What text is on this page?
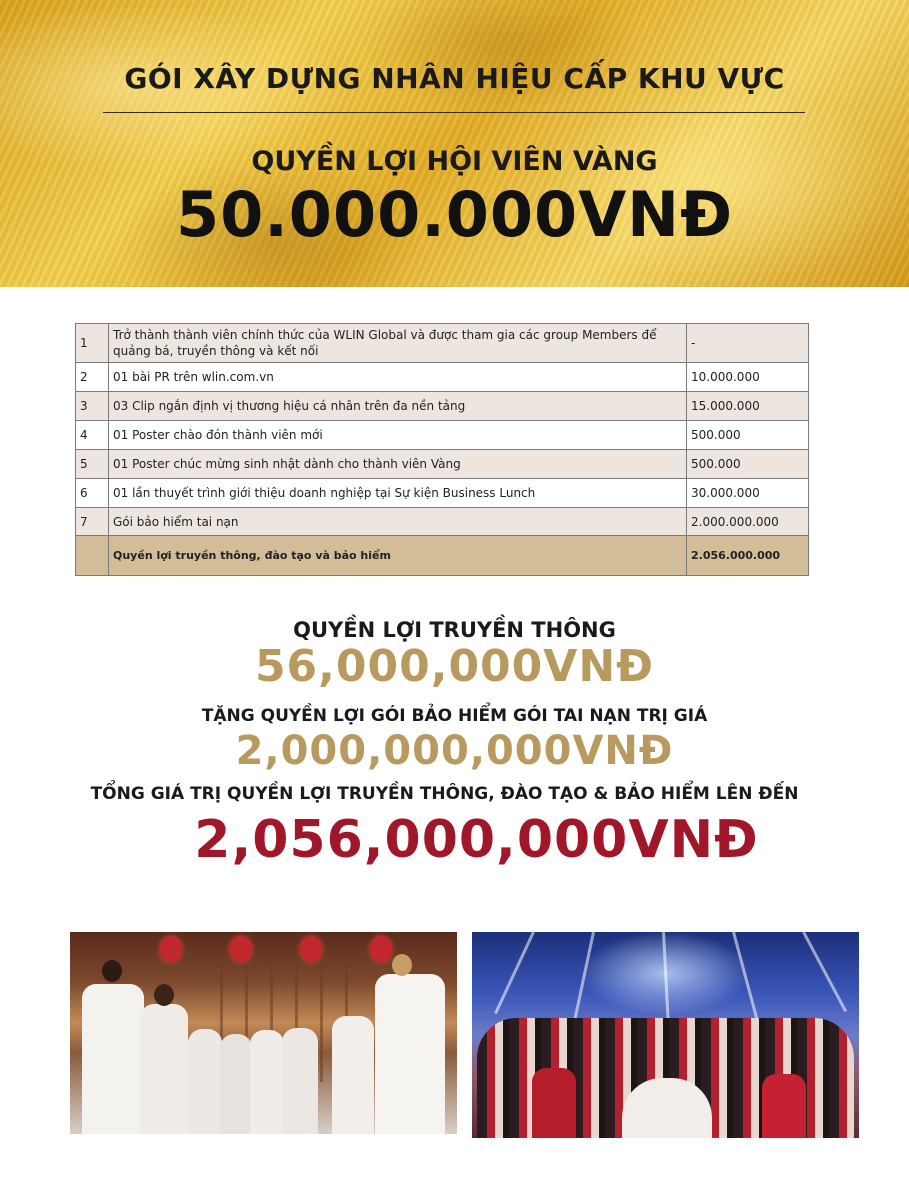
GÓI XÂY DỰNG NHÂN HIỆU CẤP KHU VỰC
QUYỀN LỢI HỘI VIÊN VÀNG
50.000.000VNĐ
1	Trở thành thành viên chính thức của WLIN Global và được tham gia các group Members để quảng bá, truyền thông và kết nối	-
2	01 bài PR trên wlin.com.vn	10.000.000
3	03 Clip ngắn định vị thương hiệu cá nhân trên đa nền tảng	15.000.000
4	01 Poster chào đón thành viên mới	500.000
5	01 Poster chúc mừng sinh nhật dành cho thành viên Vàng	500.000
6	01 lần thuyết trình giới thiệu doanh nghiệp tại Sự kiện Business Lunch	30.000.000
7	Gói bảo hiểm tai nạn	2.000.000.000
	Quyền lợi truyền thông, đào tạo và bảo hiểm	2.056.000.000
QUYỀN LỢI TRUYỀN THÔNG
56,000,000VNĐ
TẶNG QUYỀN LỢI GÓI BẢO HIỂM GÓI TAI NẠN TRỊ GIÁ
2,000,000,000VNĐ
TỔNG GIÁ TRỊ QUYỀN LỢI TRUYỀN THÔNG, ĐÀO TẠO & BẢO HIỂM LÊN ĐẾN
2,056,000,000VNĐ
